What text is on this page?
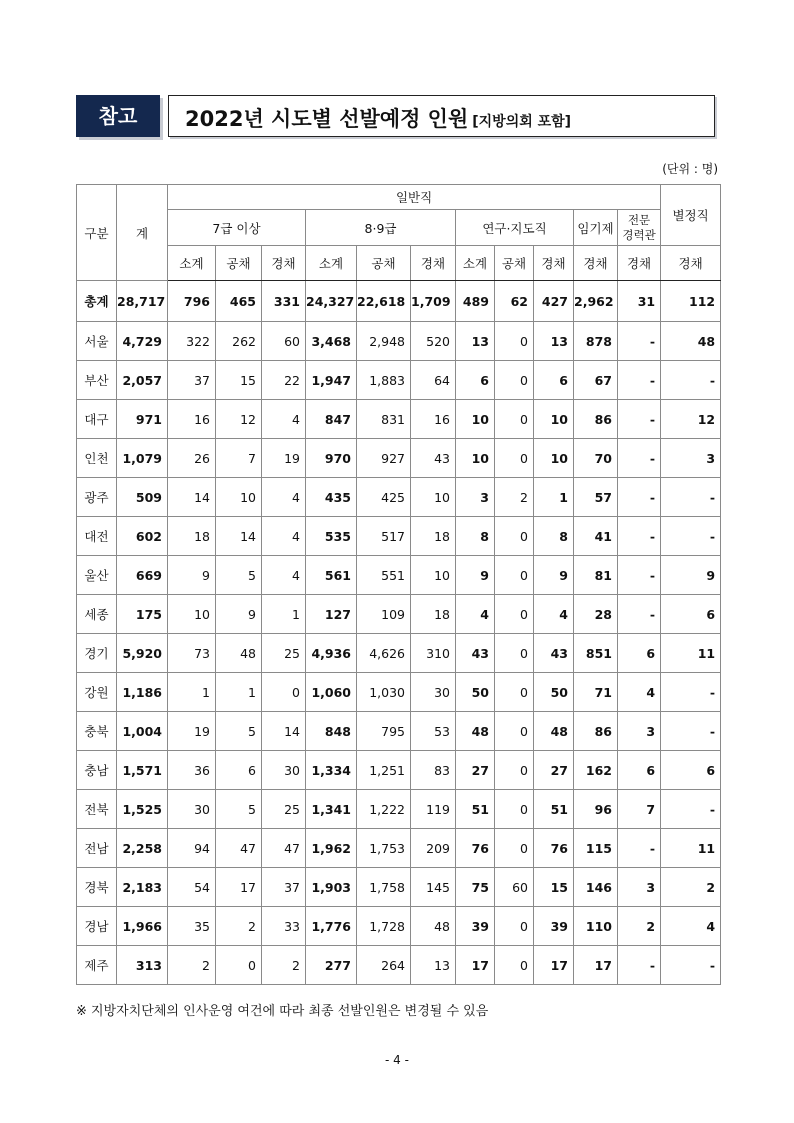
참고	2022년 시도별 선발예정 인원 [지방의회 포함]
(단위 : 명)
구분	계	일반직											별정직
		7급 이상			8·9급			연구·지도직			임기제	전문
경력관	
		소계	공채	경채	소계	공채	경채	소계	공채	경채	경채	경채	경채
총계	28,717	796	465	331	24,327	22,618	1,709	489	62	427	2,962	31	112
서울	4,729	322	262	60	3,468	2,948	520	13	0	13	878	-	48
부산	2,057	37	15	22	1,947	1,883	64	6	0	6	67	-	-
대구	971	16	12	4	847	831	16	10	0	10	86	-	12
인천	1,079	26	7	19	970	927	43	10	0	10	70	-	3
광주	509	14	10	4	435	425	10	3	2	1	57	-	-
대전	602	18	14	4	535	517	18	8	0	8	41	-	-
울산	669	9	5	4	561	551	10	9	0	9	81	-	9
세종	175	10	9	1	127	109	18	4	0	4	28	-	6
경기	5,920	73	48	25	4,936	4,626	310	43	0	43	851	6	11
강원	1,186	1	1	0	1,060	1,030	30	50	0	50	71	4	-
충북	1,004	19	5	14	848	795	53	48	0	48	86	3	-
충남	1,571	36	6	30	1,334	1,251	83	27	0	27	162	6	6
전북	1,525	30	5	25	1,341	1,222	119	51	0	51	96	7	-
전남	2,258	94	47	47	1,962	1,753	209	76	0	76	115	-	11
경북	2,183	54	17	37	1,903	1,758	145	75	60	15	146	3	2
경남	1,966	35	2	33	1,776	1,728	48	39	0	39	110	2	4
제주	313	2	0	2	277	264	13	17	0	17	17	-	-
※ 지방자치단체의 인사운영 여건에 따라 최종 선발인원은 변경될 수 있음
- 4 -
